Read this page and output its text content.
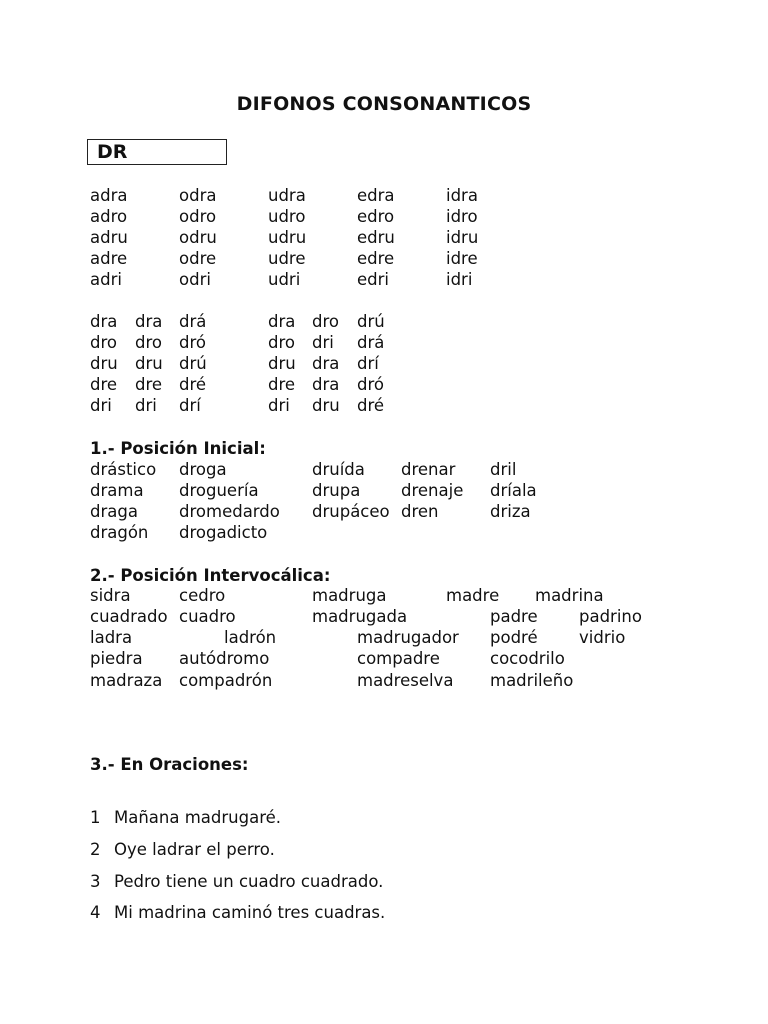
DIFONOS CONSONANTICOS
DR
adra	odra	udra	edra	idra
adro	odro	udro	edro	idro
adru	odru	udru	edru	idru
adre	odre	udre	edre	idre
adri	odri	udri	edri	idri
dra dra drá	dra dro drú
dro dro dró	dro dri drá
dru dru drú	dru dra drí
dre dre dré	dre dra dró
dri dri drí	dri dru dré
1.- Posición Inicial:
drástico droga	druída drenar dril
drama droguería	drupa drenaje dríala
draga dromedardo drupáceo dren	driza
dragón drogadicto
2.- Posición Intervocálica:
sidra	cedro	madruga	madre madrina
cuadrado cuadro	madrugada	padre	padrino
ladra	ladrón	madrugador podré	vidrio
piedra autódromo	compadre	cocodrilo
madraza compadrón	madreselva madrileño
3.- En Oraciones:
1 Mañana madrugaré.
2 Oye ladrar el perro.
3 Pedro tiene un cuadro cuadrado.
4 Mi madrina caminó tres cuadras.
